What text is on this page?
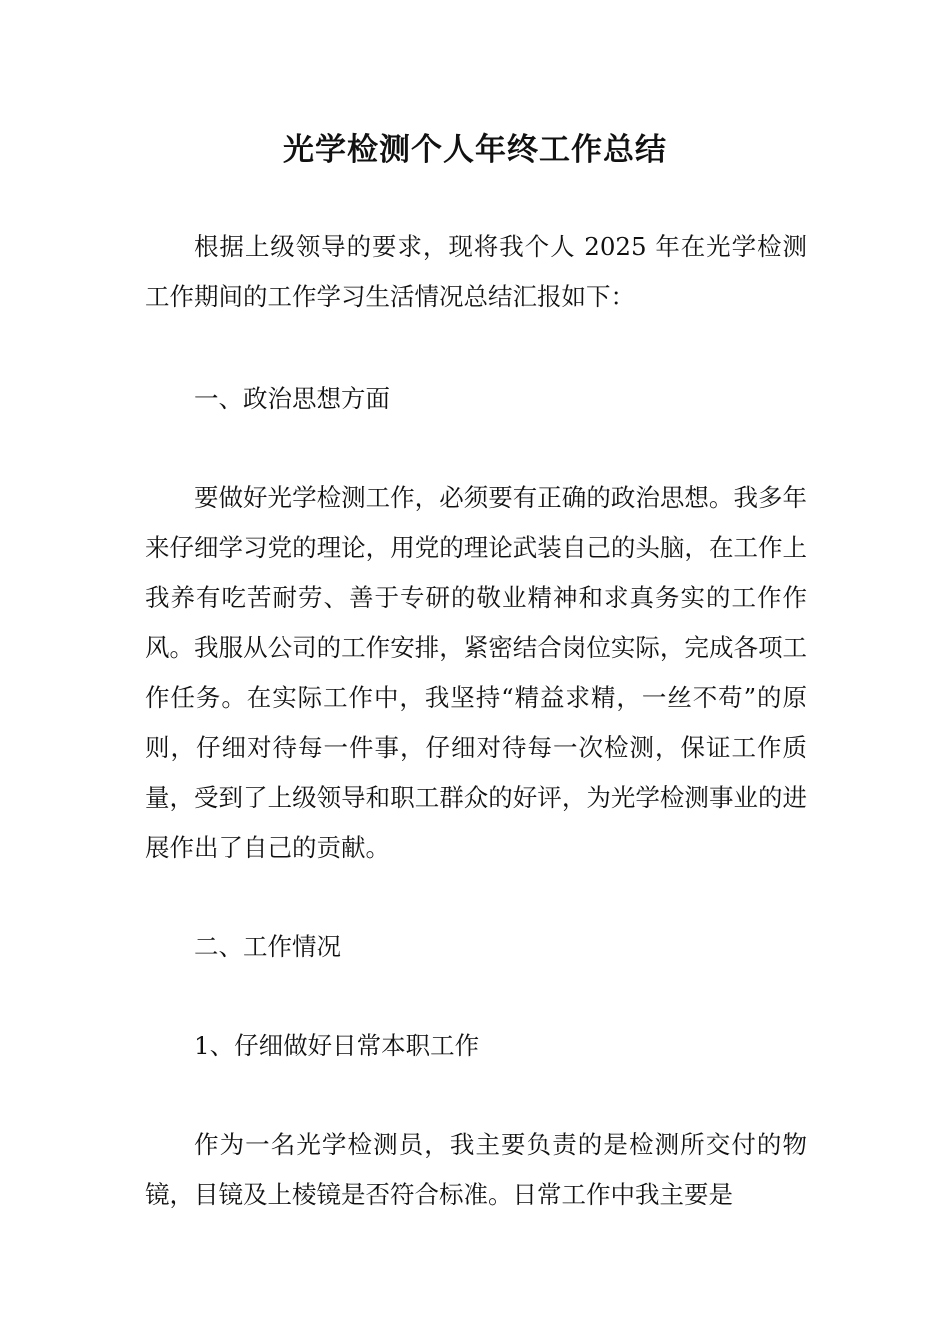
光学检测个人年终工作总结

根据上级领导的要求，现将我个人 2025 年在光学检测工作期间的工作学习生活情况总结汇报如下：

一、政治思想方面

要做好光学检测工作，必须要有正确的政治思想。我多年来仔细学习党的理论，用党的理论武装自己的头脑，在工作上我养有吃苦耐劳、善于专研的敬业精神和求真务实的工作作风。我服从公司的工作安排，紧密结合岗位实际，完成各项工作任务。在实际工作中，我坚持“精益求精，一丝不苟”的原则，仔细对待每一件事，仔细对待每一次检测，保证工作质量，受到了上级领导和职工群众的好评，为光学检测事业的进展作出了自己的贡献。

二、工作情况

1、仔细做好日常本职工作

作为一名光学检测员，我主要负责的是检测所交付的物镜，目镜及上棱镜是否符合标准。日常工作中我主要是
